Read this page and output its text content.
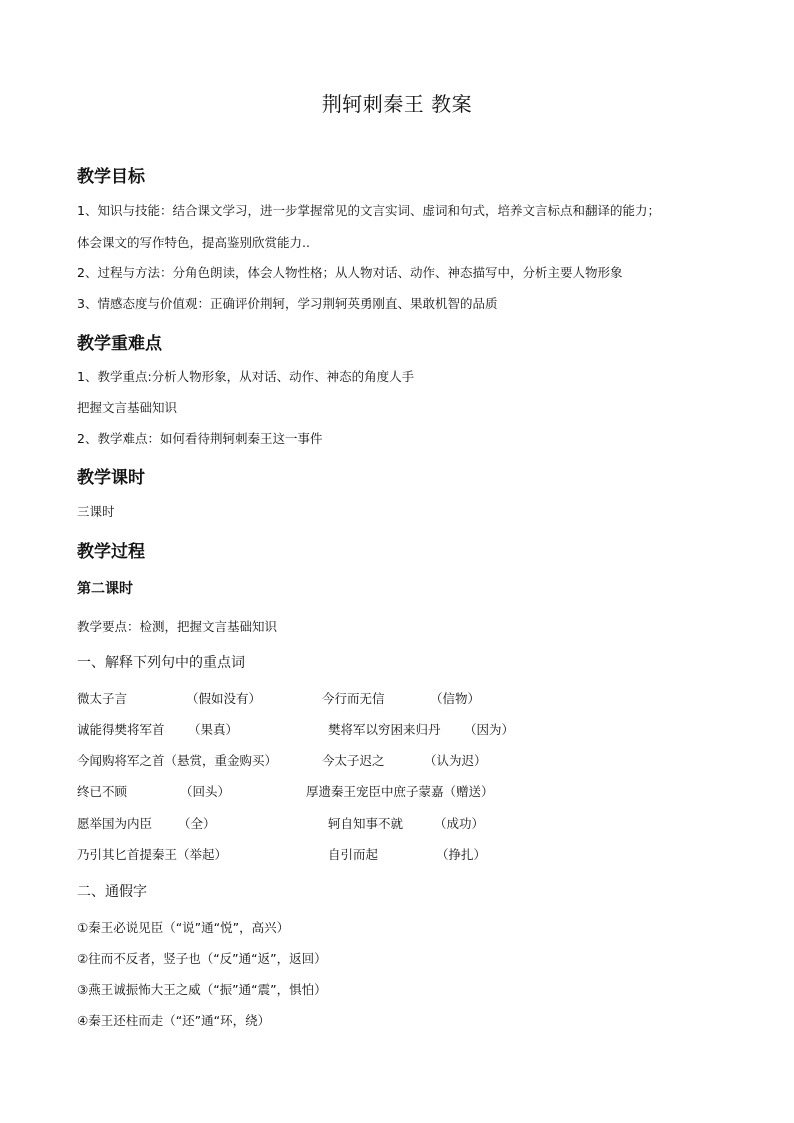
荆轲刺秦王 教案
教学目标
1、知识与技能：结合课文学习，进一步掌握常见的文言实词、虚词和句式，培养文言标点和翻译的能力；
体会课文的写作特色，提高鉴别欣赏能力..
2、过程与方法：分角色朗读，体会人物性格；从人物对话、动作、神态描写中，分析主要人物形象
3、情感态度与价值观：正确评价荆轲，学习荆轲英勇刚直、果敢机智的品质
教学重难点
1、教学重点:分析人物形象，从对话、动作、神态的角度人手
把握文言基础知识
2、教学难点：如何看待荆轲刺秦王这一事件
教学课时
三课时
教学过程
第二课时
教学要点：检测，把握文言基础知识
一、解释下列句中的重点词
微太子言	（假如没有）	今行而无信	（信物）
诚能得樊将军首 （果真）	樊将军以穷困来归丹 （因为）
今闻购将军之首（悬赏，重金购买）	今太子迟之	（认为迟）
终已不顾	（回头）	厚遗秦王宠臣中庶子蒙嘉（赠送）
愿举国为内臣 （全）	轲自知事不就 （成功）
乃引其匕首提秦王（举起）	自引而起	（挣扎）
二、通假字
①秦王必说见臣（“说”通“悦”，高兴）
②往而不反者，竖子也（“反”通“返”，返回）
③燕王诚振怖大王之威（“振”通“震”，惧怕）
④秦王还柱而走（“还”通“环，绕）
